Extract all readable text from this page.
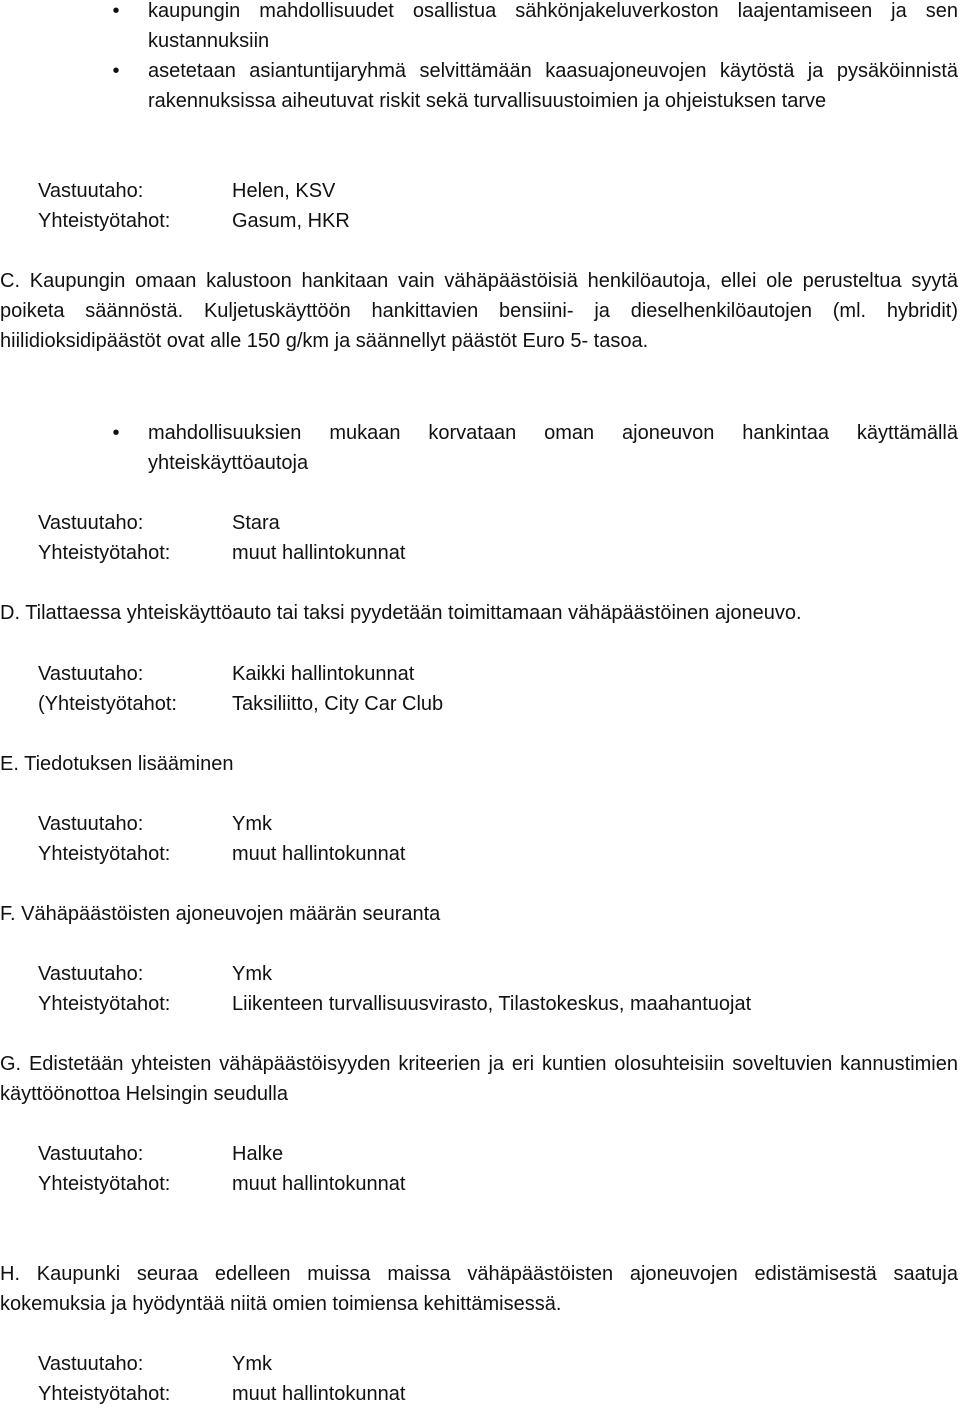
• kaupungin mahdollisuudet osallistua sähkönjakeluverkoston laajentamiseen ja sen kustannuksiin
• asetetaan asiantuntijaryhmä selvittämään kaasuajoneuvojen käytöstä ja pysäköinnistä rakennuksissa aiheutuvat riskit sekä turvallisuustoimien ja ohjeistuksen tarve
Vastuutaho:	Helen, KSV
Yhteistyötahot:	Gasum, HKR

C. Kaupungin omaan kalustoon hankitaan vain vähäpäästöisiä henkilöautoja, ellei ole perusteltua syytä poiketa säännöstä. Kuljetuskäyttöön hankittavien bensiini- ja dieselhenkilöautojen (ml. hybridit) hiilidioksidipäästöt ovat alle 150 g/km ja säännellyt päästöt Euro 5- tasoa.

• mahdollisuuksien mukaan korvataan oman ajoneuvon hankintaa käyttämällä yhteiskäyttöautoja
Vastuutaho:	Stara
Yhteistyötahot:	muut hallintokunnat

D. Tilattaessa yhteiskäyttöauto tai taksi pyydetään toimittamaan vähäpäästöinen ajoneuvo.

Vastuutaho:	Kaikki hallintokunnat
(Yhteistyötahot:	Taksiliitto, City Car Club

E. Tiedotuksen lisääminen

Vastuutaho:	Ymk
Yhteistyötahot:	muut hallintokunnat

F. Vähäpäästöisten ajoneuvojen määrän seuranta

Vastuutaho:	Ymk
Yhteistyötahot:	Liikenteen turvallisuusvirasto, Tilastokeskus, maahantuojat

G. Edistetään yhteisten vähäpäästöisyyden kriteerien ja eri kuntien olosuhteisiin soveltuvien kannustimien käyttöönottoa Helsingin seudulla

Vastuutaho:	Halke
Yhteistyötahot:	muut hallintokunnat

H. Kaupunki seuraa edelleen muissa maissa vähäpäästöisten ajoneuvojen edistämisestä saatuja kokemuksia ja hyödyntää niitä omien toimiensa kehittämisessä.

Vastuutaho:	Ymk
Yhteistyötahot:	muut hallintokunnat
